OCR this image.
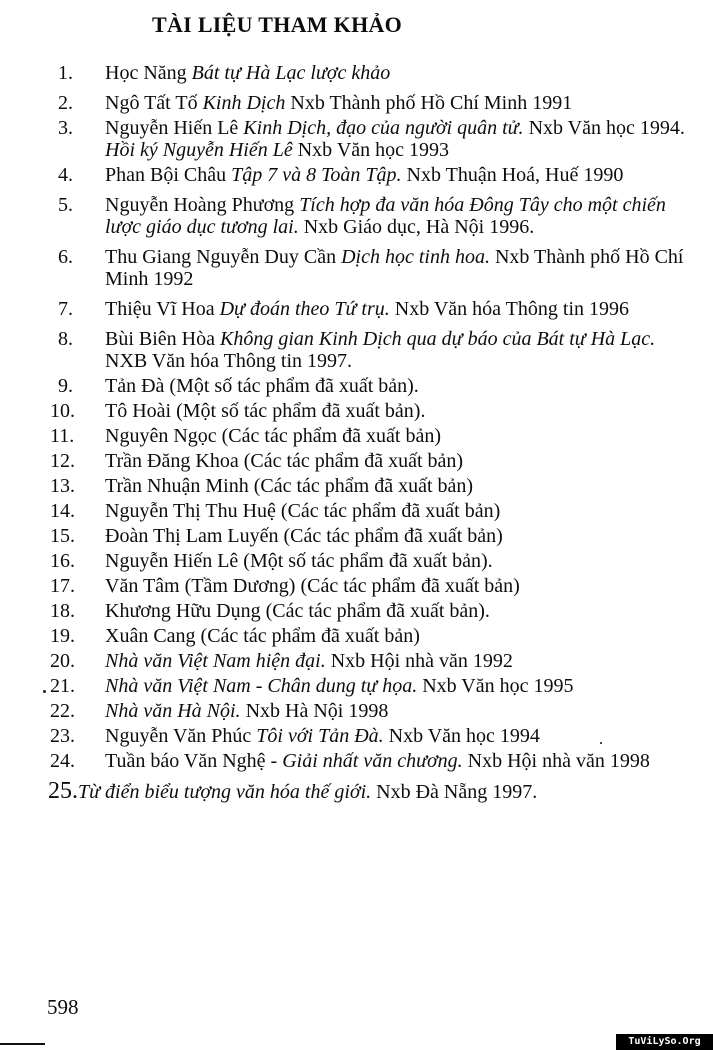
TÀI LIỆU THAM KHẢO
1. Học Năng Bát tự Hà Lạc lược khảo
2. Ngô Tất Tố Kinh Dịch Nxb Thành phố Hồ Chí Minh 1991
3. Nguyễn Hiến Lê Kinh Dịch, đạo của người quân tử. Nxb Văn học 1994. Hồi ký Nguyễn Hiến Lê Nxb Văn học 1993
4. Phan Bội Châu Tập 7 và 8 Toàn Tập. Nxb Thuận Hoá, Huế 1990
5. Nguyễn Hoàng Phương Tích hợp đa văn hóa Đông Tây cho một chiến lược giáo dục tương lai. Nxb Giáo dục, Hà Nội 1996.
6. Thu Giang Nguyễn Duy Cần Dịch học tinh hoa. Nxb Thành phố Hồ Chí Minh 1992
7. Thiệu Vĩ Hoa Dự đoán theo Tứ trụ. Nxb Văn hóa Thông tin 1996
8. Bùi Biên Hòa Không gian Kinh Dịch qua dự báo của Bát tự Hà Lạc. NXB Văn hóa Thông tin 1997.
9. Tản Đà (Một số tác phẩm đã xuất bản).
10. Tô Hoài (Một số tác phẩm đã xuất bản).
11. Nguyên Ngọc (Các tác phẩm đã xuất bản)
12. Trần Đăng Khoa (Các tác phẩm đã xuất bản)
13. Trần Nhuận Minh (Các tác phẩm đã xuất bản)
14. Nguyễn Thị Thu Huệ (Các tác phẩm đã xuất bản)
15. Đoàn Thị Lam Luyến (Các tác phẩm đã xuất bản)
16. Nguyễn Hiến Lê (Một số tác phẩm đã xuất bản).
17. Văn Tâm (Tầm Dương) (Các tác phẩm đã xuất bản)
18. Khương Hữu Dụng (Các tác phẩm đã xuất bản).
19. Xuân Cang (Các tác phẩm đã xuất bản)
20. Nhà văn Việt Nam hiện đại. Nxb Hội nhà văn 1992
21. Nhà văn Việt Nam - Chân dung tự họa. Nxb Văn học 1995
22. Nhà văn Hà Nội. Nxb Hà Nội 1998
23. Nguyễn Văn Phúc Tôi với Tản Đà. Nxb Văn học 1994
24. Tuần báo Văn Nghệ - Giải nhất văn chương. Nxb Hội nhà văn 1998
25.Từ điển biểu tượng văn hóa thế giới. Nxb Đà Nẵng 1997.
598
TuViLySo.Org
